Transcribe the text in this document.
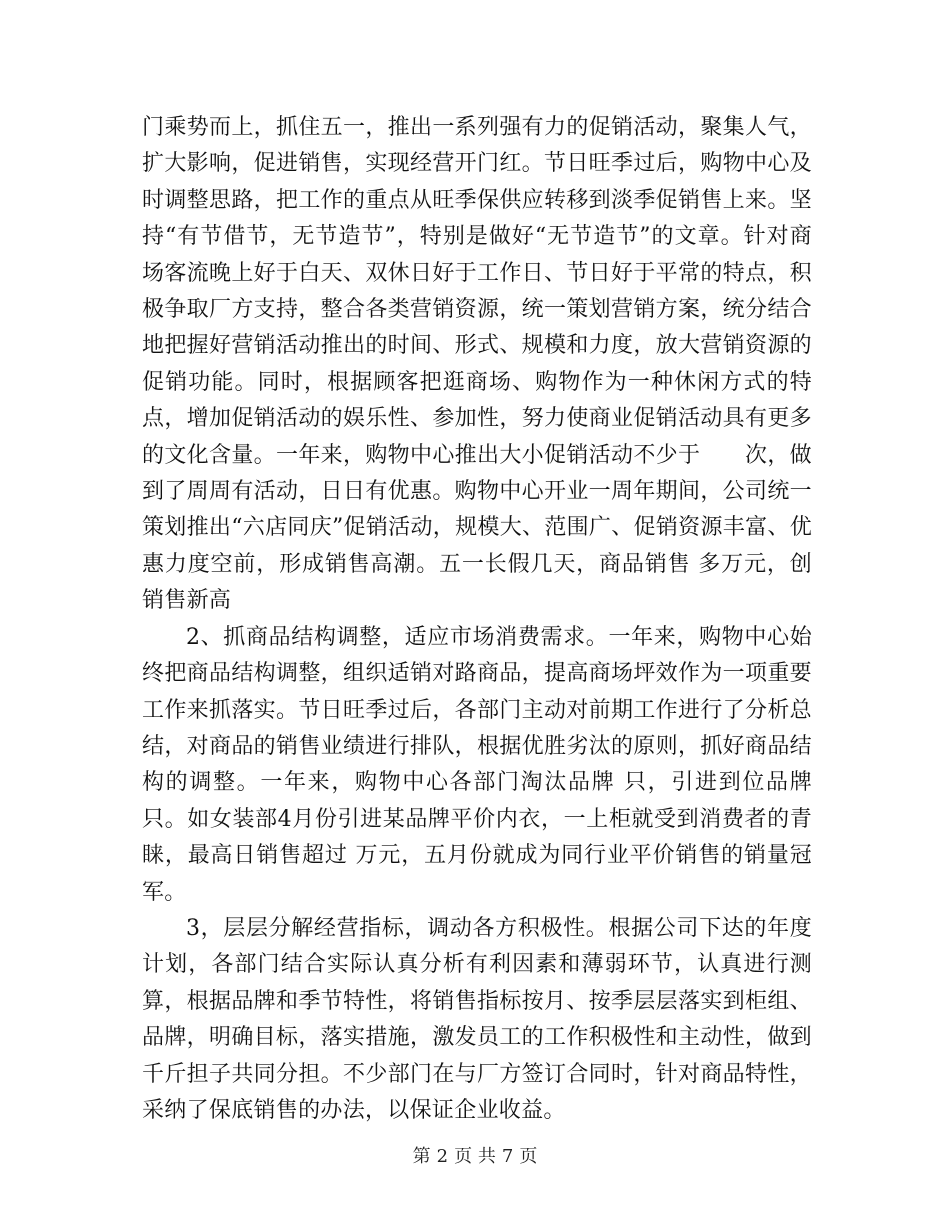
门乘势而上，抓住五一，推出一系列强有力的促销活动，聚集人气，扩大影响，促进销售，实现经营开门红。节日旺季过后，购物中心及时调整思路，把工作的重点从旺季保供应转移到淡季促销售上来。坚持“有节借节，无节造节”，特别是做好“无节造节”的文章。针对商场客流晚上好于白天、双休日好于工作日、节日好于平常的特点，积极争取厂方支持，整合各类营销资源，统一策划营销方案，统分结合地把握好营销活动推出的时间、形式、规模和力度，放大营销资源的促销功能。同时，根据顾客把逛商场、购物作为一种休闲方式的特点，增加促销活动的娱乐性、参加性，努力使商业促销活动具有更多的文化含量。一年来，购物中心推出大小促销活动不少于　　次，做到了周周有活动，日日有优惠。购物中心开业一周年期间，公司统一策划推出“六店同庆”促销活动，规模大、范围广、促销资源丰富、优惠力度空前，形成销售高潮。五一长假几天，商品销售 多万元，创销售新高

2、抓商品结构调整，适应市场消费需求。一年来，购物中心始终把商品结构调整，组织适销对路商品，提高商场坪效作为一项重要工作来抓落实。节日旺季过后，各部门主动对前期工作进行了分析总结，对商品的销售业绩进行排队，根据优胜劣汰的原则，抓好商品结构的调整。一年来，购物中心各部门淘汰品牌 只，引进到位品牌 只。如女装部4月份引进某品牌平价内衣，一上柜就受到消费者的青睐，最高日销售超过 万元，五月份就成为同行业平价销售的销量冠军。

3，层层分解经营指标，调动各方积极性。根据公司下达的年度计划，各部门结合实际认真分析有利因素和薄弱环节，认真进行测算，根据品牌和季节特性，将销售指标按月、按季层层落实到柜组、品牌，明确目标，落实措施，激发员工的工作积极性和主动性，做到千斤担子共同分担。不少部门在与厂方签订合同时，针对商品特性，采纳了保底销售的办法，以保证企业收益。

第 2 页 共 7 页
